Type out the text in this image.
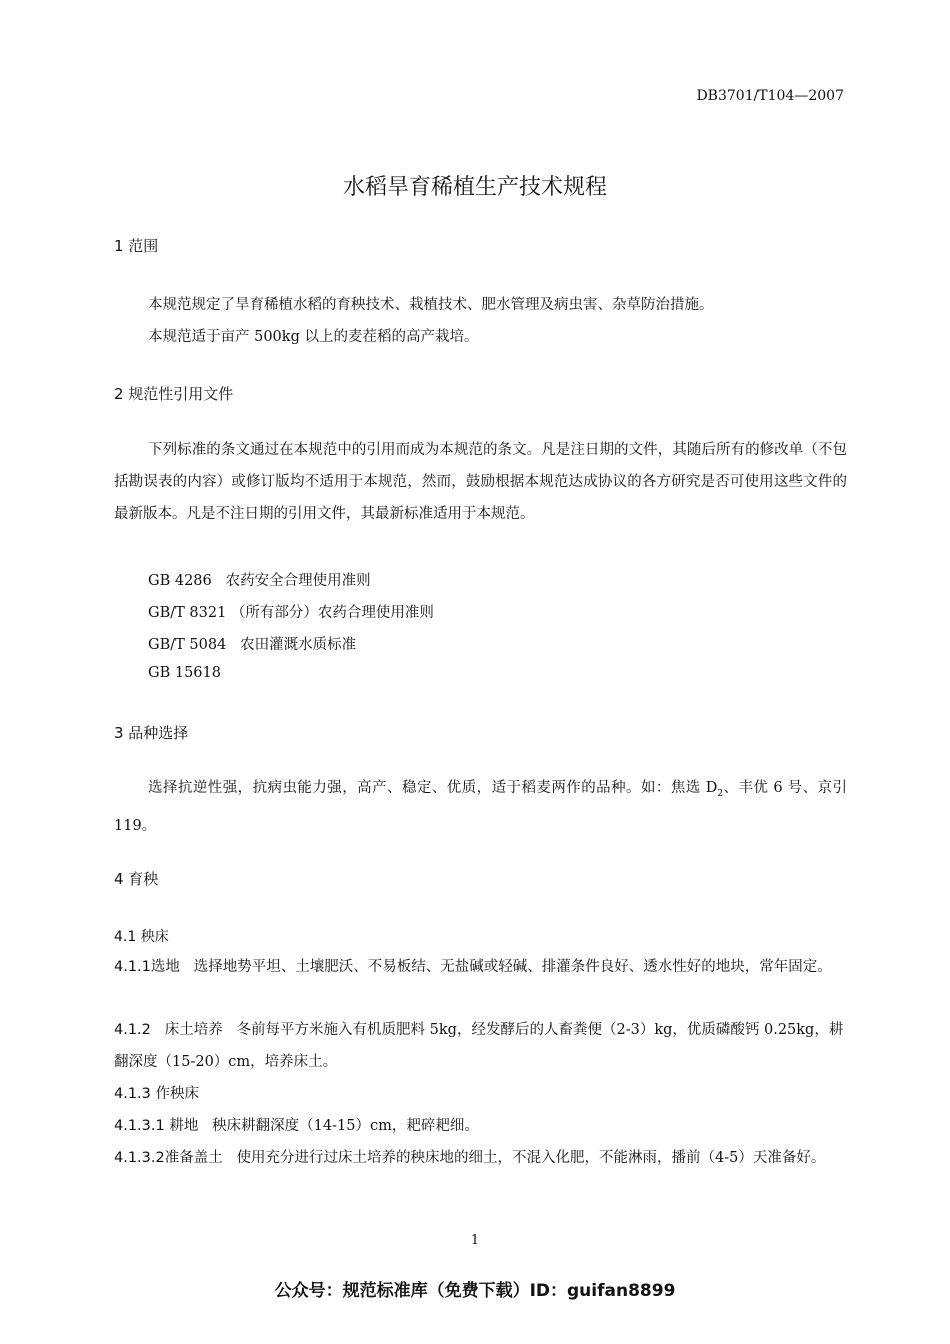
DB3701/T104—2007
水稻旱育稀植生产技术规程
1 范围
本规范规定了旱育稀植水稻的育秧技术、栽植技术、肥水管理及病虫害、杂草防治措施。
本规范适于亩产 500kg 以上的麦茬稻的高产栽培。
2 规范性引用文件
下列标准的条文通过在本规范中的引用而成为本规范的条文。凡是注日期的文件，其随后所有的修改单（不包括勘误表的内容）或修订版均不适用于本规范，然而，鼓励根据本规范达成协议的各方研究是否可使用这些文件的最新版本。凡是不注日期的引用文件，其最新标准适用于本规范。
GB 4286   农药安全合理使用准则
GB/T 8321 （所有部分）农药合理使用准则
GB/T 5084   农田灌溉水质标准
GB 15618
3 品种选择
选择抗逆性强，抗病虫能力强，高产、稳定、优质，适于稻麦两作的品种。如：焦选 $D_2$、丰优 6 号、京引 119。
4 育秧
4.1 秧床
4.1.1选地 选择地势平坦、土壤肥沃、不易板结、无盐碱或轻碱、排灌条件良好、透水性好的地块，常年固定。
4.1.2 床土培养 冬前每平方米施入有机质肥料 5kg，经发酵后的人畜粪便（2-3）kg，优质磷酸钙 0.25kg，耕翻深度（15-20）cm，培养床土。
4.1.3 作秧床
4.1.3.1 耕地 秧床耕翻深度（14-15）cm，耙碎耙细。
4.1.3.2准备盖土 使用充分进行过床土培养的秧床地的细土，不混入化肥，不能淋雨，播前（4-5）天准备好。
1
公众号：规范标准库（免费下载）ID：guifan8899
